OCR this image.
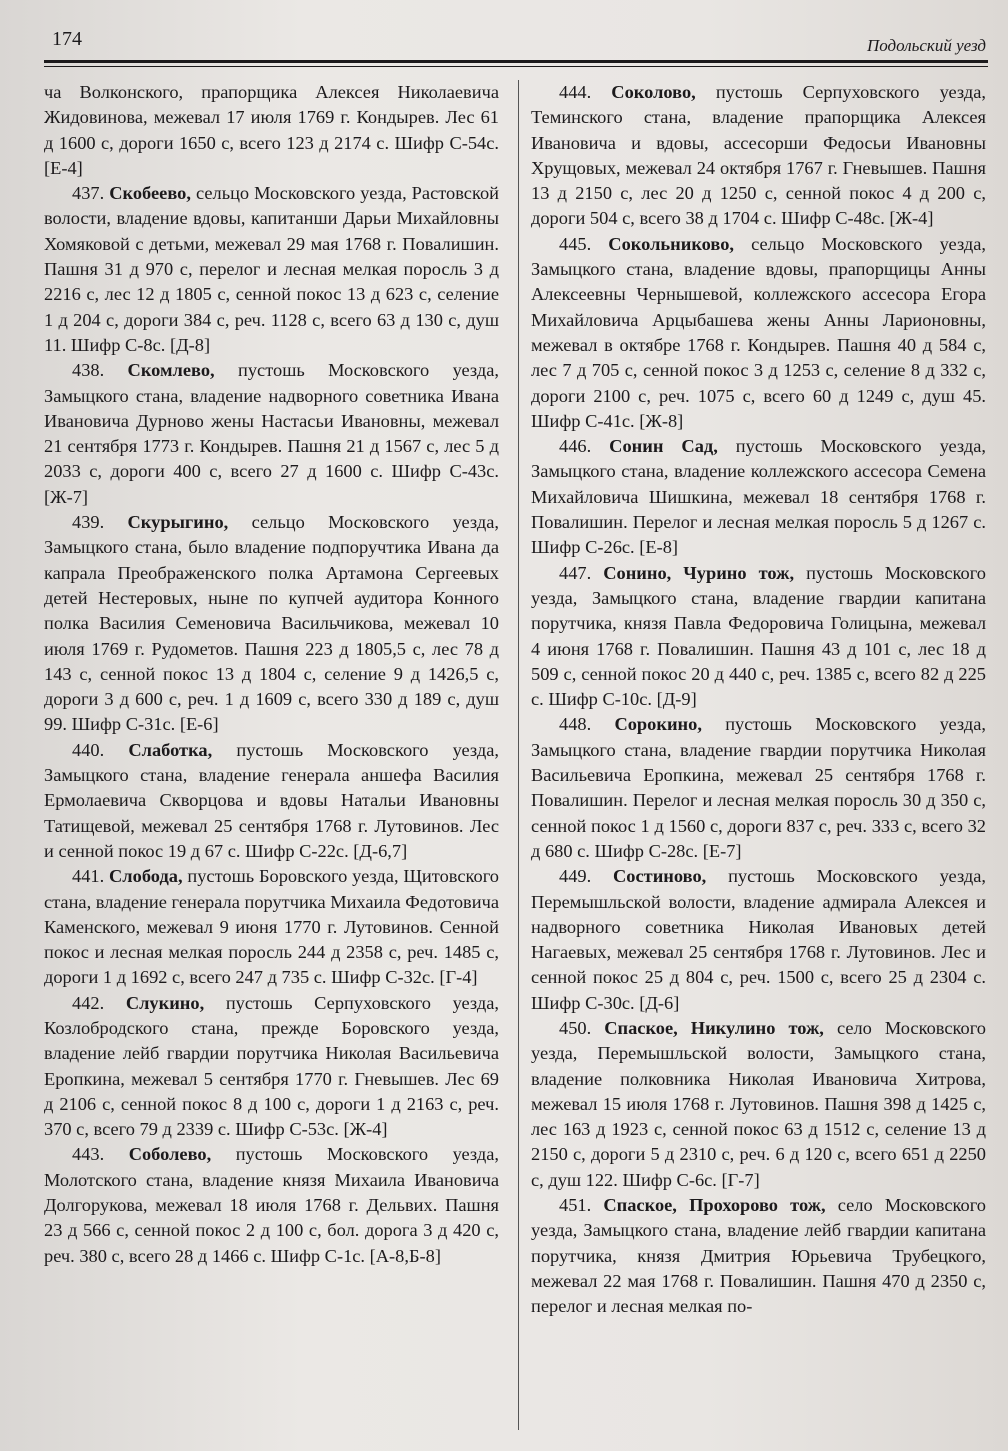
174	Подольский уезд

ча Волконского, прапорщика Алексея Николаевича Жидовинова, межевал 17 июля 1769 г. Кондырев. Лес 61 д 1600 с, дороги 1650 с, всего 123 д 2174 с. Шифр С-54с. [Е-4]

437. Скобеево, сельцо Московского уезда, Растовской волости, владение вдовы, капитанши Дарьи Михайловны Хомяковой с детьми, межевал 29 мая 1768 г. Повалишин. Пашня 31 д 970 с, перелог и лесная мелкая поросль 3 д 2216 с, лес 12 д 1805 с, сенной покос 13 д 623 с, селение 1 д 204 с, дороги 384 с, реч. 1128 с, всего 63 д 130 с, душ 11. Шифр С-8с. [Д-8]

438. Скомлево, пустошь Московского уезда, Замыцкого стана, владение надворного советника Ивана Ивановича Дурново жены Настасьи Ивановны, межевал 21 сентября 1773 г. Кондырев. Пашня 21 д 1567 с, лес 5 д 2033 с, дороги 400 с, всего 27 д 1600 с. Шифр С-43с. [Ж-7]

439. Скурыгино, сельцо Московского уезда, Замыцкого стана, было владение подпоручтика Ивана да капрала Преображенского полка Артамона Сергеевых детей Нестеровых, ныне по купчей аудитора Конного полка Василия Семеновича Васильчикова, межевал 10 июля 1769 г. Рудометов. Пашня 223 д 1805,5 с, лес 78 д 143 с, сенной покос 13 д 1804 с, селение 9 д 1426,5 с, дороги 3 д 600 с, реч. 1 д 1609 с, всего 330 д 189 с, душ 99. Шифр С-31с. [Е-6]

440. Слаботка, пустошь Московского уезда, Замыцкого стана, владение генерала аншефа Василия Ермолаевича Скворцова и вдовы Натальи Ивановны Татищевой, межевал 25 сентября 1768 г. Лутовинов. Лес и сенной покос 19 д 67 с. Шифр С-22с. [Д-6,7]

441. Слобода, пустошь Боровского уезда, Щитовского стана, владение генерала порутчика Михаила Федотовича Каменского, межевал 9 июня 1770 г. Лутовинов. Сенной покос и лесная мелкая поросль 244 д 2358 с, реч. 1485 с, дороги 1 д 1692 с, всего 247 д 735 с. Шифр С-32с. [Г-4]

442. Слукино, пустошь Серпуховского уезда, Козлобродского стана, прежде Боровского уезда, владение лейб гвардии порутчика Николая Васильевича Еропкина, межевал 5 сентября 1770 г. Гневышев. Лес 69 д 2106 с, сенной покос 8 д 100 с, дороги 1 д 2163 с, реч. 370 с, всего 79 д 2339 с. Шифр С-53с. [Ж-4]

443. Соболево, пустошь Московского уезда, Молотского стана, владение князя Михаила Ивановича Долгорукова, межевал 18 июля 1768 г. Дельвих. Пашня 23 д 566 с, сенной покос 2 д 100 с, бол. дорога 3 д 420 с, реч. 380 с, всего 28 д 1466 с. Шифр С-1с. [А-8,Б-8]

444. Соколово, пустошь Серпуховского уезда, Теминского стана, владение прапорщика Алексея Ивановича и вдовы, ассесорши Федосьи Ивановны Хрущовых, межевал 24 октября 1767 г. Гневышев. Пашня 13 д 2150 с, лес 20 д 1250 с, сенной покос 4 д 200 с, дороги 504 с, всего 38 д 1704 с. Шифр С-48с. [Ж-4]

445. Сокольниково, сельцо Московского уезда, Замыцкого стана, владение вдовы, прапорщицы Анны Алексеевны Чернышевой, коллежского ассесора Егора Михайловича Арцыбашева жены Анны Ларионовны, межевал в октябре 1768 г. Кондырев. Пашня 40 д 584 с, лес 7 д 705 с, сенной покос 3 д 1253 с, селение 8 д 332 с, дороги 2100 с, реч. 1075 с, всего 60 д 1249 с, душ 45. Шифр С-41с. [Ж-8]

446. Сонин Сад, пустошь Московского уезда, Замыцкого стана, владение коллежского ассесора Семена Михайловича Шишкина, межевал 18 сентября 1768 г. Повалишин. Перелог и лесная мелкая поросль 5 д 1267 с. Шифр С-26с. [Е-8]

447. Сонино, Чурино тож, пустошь Московского уезда, Замыцкого стана, владение гвардии капитана порутчика, князя Павла Федоровича Голицына, межевал 4 июня 1768 г. Повалишин. Пашня 43 д 101 с, лес 18 д 509 с, сенной покос 20 д 440 с, реч. 1385 с, всего 82 д 225 с. Шифр С-10с. [Д-9]

448. Сорокино, пустошь Московского уезда, Замыцкого стана, владение гвардии порутчика Николая Васильевича Еропкина, межевал 25 сентября 1768 г. Повалишин. Перелог и лесная мелкая поросль 30 д 350 с, сенной покос 1 д 1560 с, дороги 837 с, реч. 333 с, всего 32 д 680 с. Шифр С-28с. [Е-7]

449. Состиново, пустошь Московского уезда, Перемышльской волости, владение адмирала Алексея и надворного советника Николая Ивановых детей Нагаевых, межевал 25 сентября 1768 г. Лутовинов. Лес и сенной покос 25 д 804 с, реч. 1500 с, всего 25 д 2304 с. Шифр С-30с. [Д-6]

450. Спаское, Никулино тож, село Московского уезда, Перемышльской волости, Замыцкого стана, владение полковника Николая Ивановича Хитрова, межевал 15 июля 1768 г. Лутовинов. Пашня 398 д 1425 с, лес 163 д 1923 с, сенной покос 63 д 1512 с, селение 13 д 2150 с, дороги 5 д 2310 с, реч. 6 д 120 с, всего 651 д 2250 с, душ 122. Шифр С-6с. [Г-7]

451. Спаское, Прохорово тож, село Московского уезда, Замыцкого стана, владение лейб гвардии капитана порутчика, князя Дмитрия Юрьевича Трубецкого, межевал 22 мая 1768 г. Повалишин. Пашня 470 д 2350 с, перелог и лесная мелкая по-
